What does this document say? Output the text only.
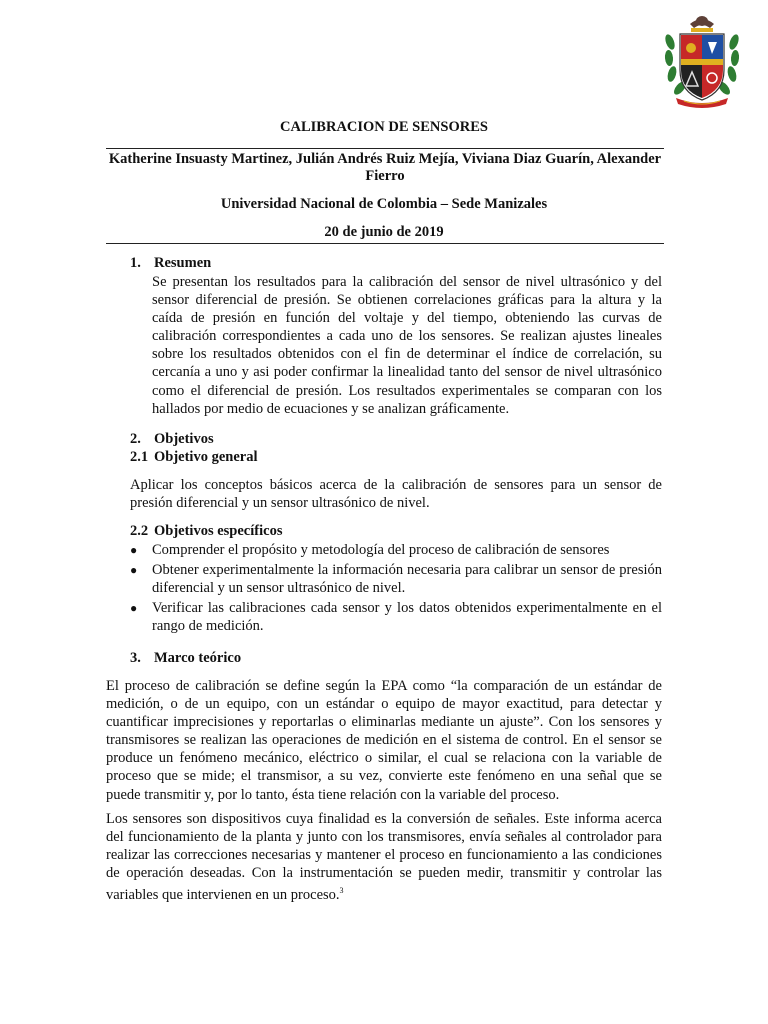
CALIBRACION DE SENSORES
Katherine Insuasty Martinez, Julián Andrés Ruiz Mejía, Viviana Diaz Guarín, Alexander Fierro
Universidad Nacional de Colombia – Sede Manizales
20 de junio de 2019
1. Resumen
Se presentan los resultados para la calibración del sensor de nivel ultrasónico y del sensor diferencial de presión. Se obtienen correlaciones gráficas para la altura y la caída de presión en función del voltaje y del tiempo, obteniendo las curvas de calibración correspondientes a cada uno de los sensores. Se realizan ajustes lineales sobre los resultados obtenidos con el fin de determinar el índice de correlación, su cercanía a uno y asi poder confirmar la linealidad tanto del sensor de nivel ultrasónico como el diferencial de presión. Los resultados experimentales se comparan con los hallados por medio de ecuaciones y se analizan gráficamente.
2. Objetivos
2.1 Objetivo general
Aplicar los conceptos básicos acerca de la calibración de sensores para un sensor de presión diferencial y un sensor ultrasónico de nivel.
2.2 Objetivos específicos
● Comprender el propósito y metodología del proceso de calibración de sensores
● Obtener experimentalmente la información necesaria para calibrar un sensor de presión diferencial y un sensor ultrasónico de nivel.
● Verificar las calibraciones cada sensor y los datos obtenidos experimentalmente en el rango de medición.
3. Marco teórico
El proceso de calibración se define según la EPA como “la comparación de un estándar de medición, o de un equipo, con un estándar o equipo de mayor exactitud, para detectar y cuantificar imprecisiones y reportarlas o eliminarlas mediante un ajuste”. Con los sensores y transmisores se realizan las operaciones de medición en el sistema de control. En el sensor se produce un fenómeno mecánico, eléctrico o similar, el cual se relaciona con la variable de proceso que se mide; el transmisor, a su vez, convierte este fenómeno en una señal que se puede transmitir y, por lo tanto, ésta tiene relación con la variable del proceso.
Los sensores son dispositivos cuya finalidad es la conversión de señales. Este informa acerca del funcionamiento de la planta y junto con los transmisores, envía señales al controlador para realizar las correcciones necesarias y mantener el proceso en funcionamiento a las condiciones de operación deseadas. Con la instrumentación se pueden medir, transmitir y controlar las variables que intervienen en un proceso.$^3$
